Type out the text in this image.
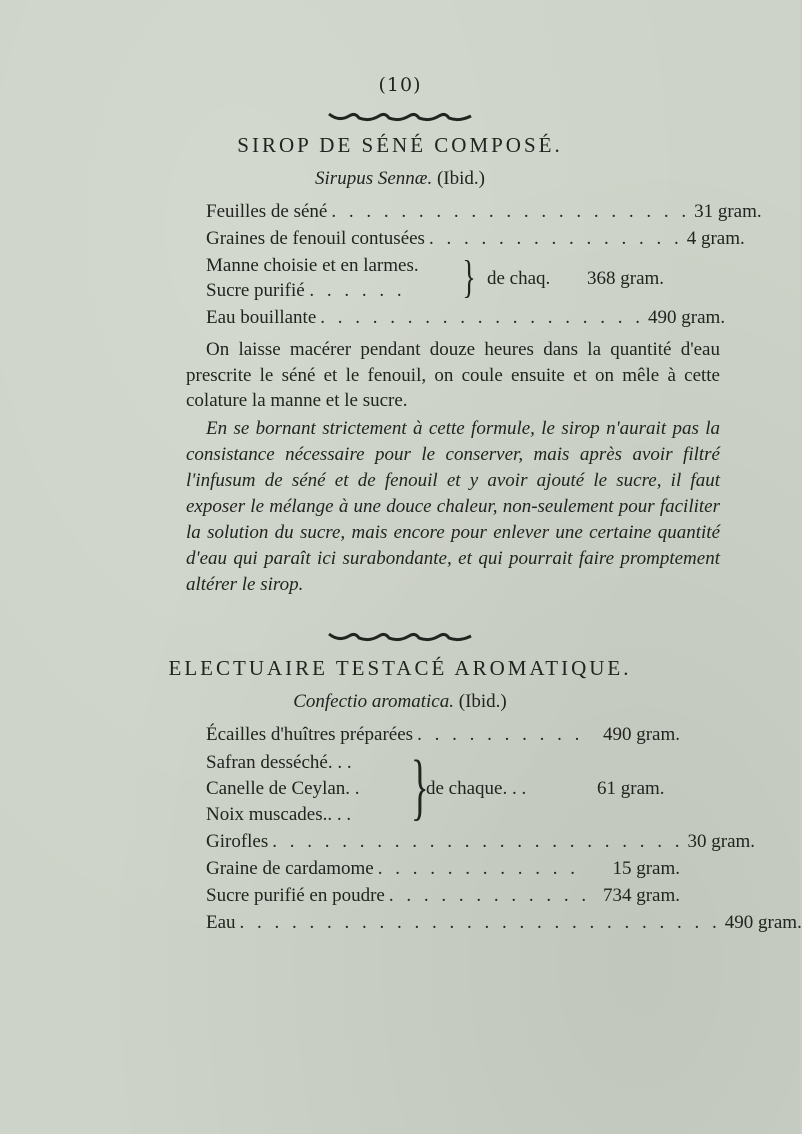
(10)
SIROP DE SÉNÉ COMPOSÉ.
Sirupus Sennæ. (Ibid.)
Feuilles de séné . . . . . . . . . . . . . . . . . . . . . 31 gram.
Graines de fenouil contusées . . . . . . . . . . . . . . . 4 gram.
Manne choisie et en larmes.
Sucre purifié . . . . . . } de chaq. 368 gram.
Eau bouillante . . . . . . . . . . . . . . . . . . . 490 gram.
On laisse macérer pendant douze heures dans la quantité d'eau prescrite le séné et le fenouil, on coule ensuite et on mêle à cette colature la manne et le sucre.
En se bornant strictement à cette formule, le sirop n'aurait pas la consistance nécessaire pour le conserver, mais après avoir filtré l'infusum de séné et de fenouil et y avoir ajouté le sucre, il faut exposer le mélange à une douce chaleur, non-seulement pour faciliter la solution du sucre, mais encore pour enlever une certaine quantité d'eau qui paraît ici surabondante, et qui pourrait faire promptement altérer le sirop.
ELECTUAIRE TESTACÉ AROMATIQUE.
Confectio aromatica. (Ibid.)
Écailles d'huîtres préparées . . . . . . . . . .	490 gram.
Safran desséché. . .
Canelle de Ceylan. .
Noix muscades.. . . }
de chaque. . .	61 gram.
Girofles . . . . . . . . . . . . . . . . . . . . . . . . 30 gram.
Graine de cardamome . . . . . . . . . . . .	15 gram.
Sucre purifié en poudre . . . . . . . . . . . . 734 gram.
Eau . . . . . . . . . . . . . . . . . . . . . . . . . . . . 490 gram.
